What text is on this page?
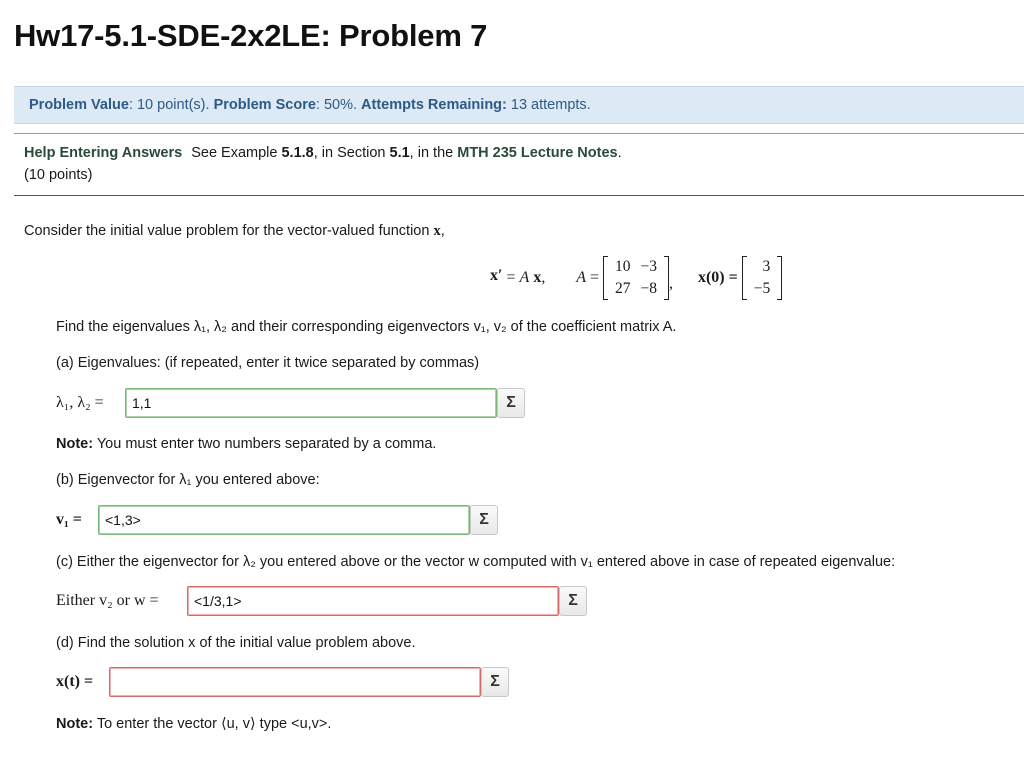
Hw17-5.1-SDE-2x2LE: Problem 7
Problem Value: 10 point(s). Problem Score: 50%. Attempts Remaining: 13 attempts.
Help Entering Answers See Example 5.1.8, in Section 5.1, in the MTH 235 Lecture Notes.
(10 points)
Consider the initial value problem for the vector-valued function x,
x′ = A x, A =
10	−3
27	−8 , x(0) =
3
−5
Find the eigenvalues λ₁, λ₂ and their corresponding eigenvectors v₁, v₂ of the coefficient matrix A.
(a) Eigenvalues: (if repeated, enter it twice separated by commas)
λ₁, λ₂ =	1,1	Σ
Note: You must enter two numbers separated by a comma.
(b) Eigenvector for λ₁ you entered above:
v₁ =	<1,3>	Σ
(c) Either the eigenvector for λ₂ you entered above or the vector w computed with v₁ entered above in case of repeated eigenvalue:
Either v₂ or w =	<1/3,1>	Σ
(d) Find the solution x of the initial value problem above.
x(t) =	Σ
Note: To enter the vector ⟨u, v⟩ type <u,v>.
